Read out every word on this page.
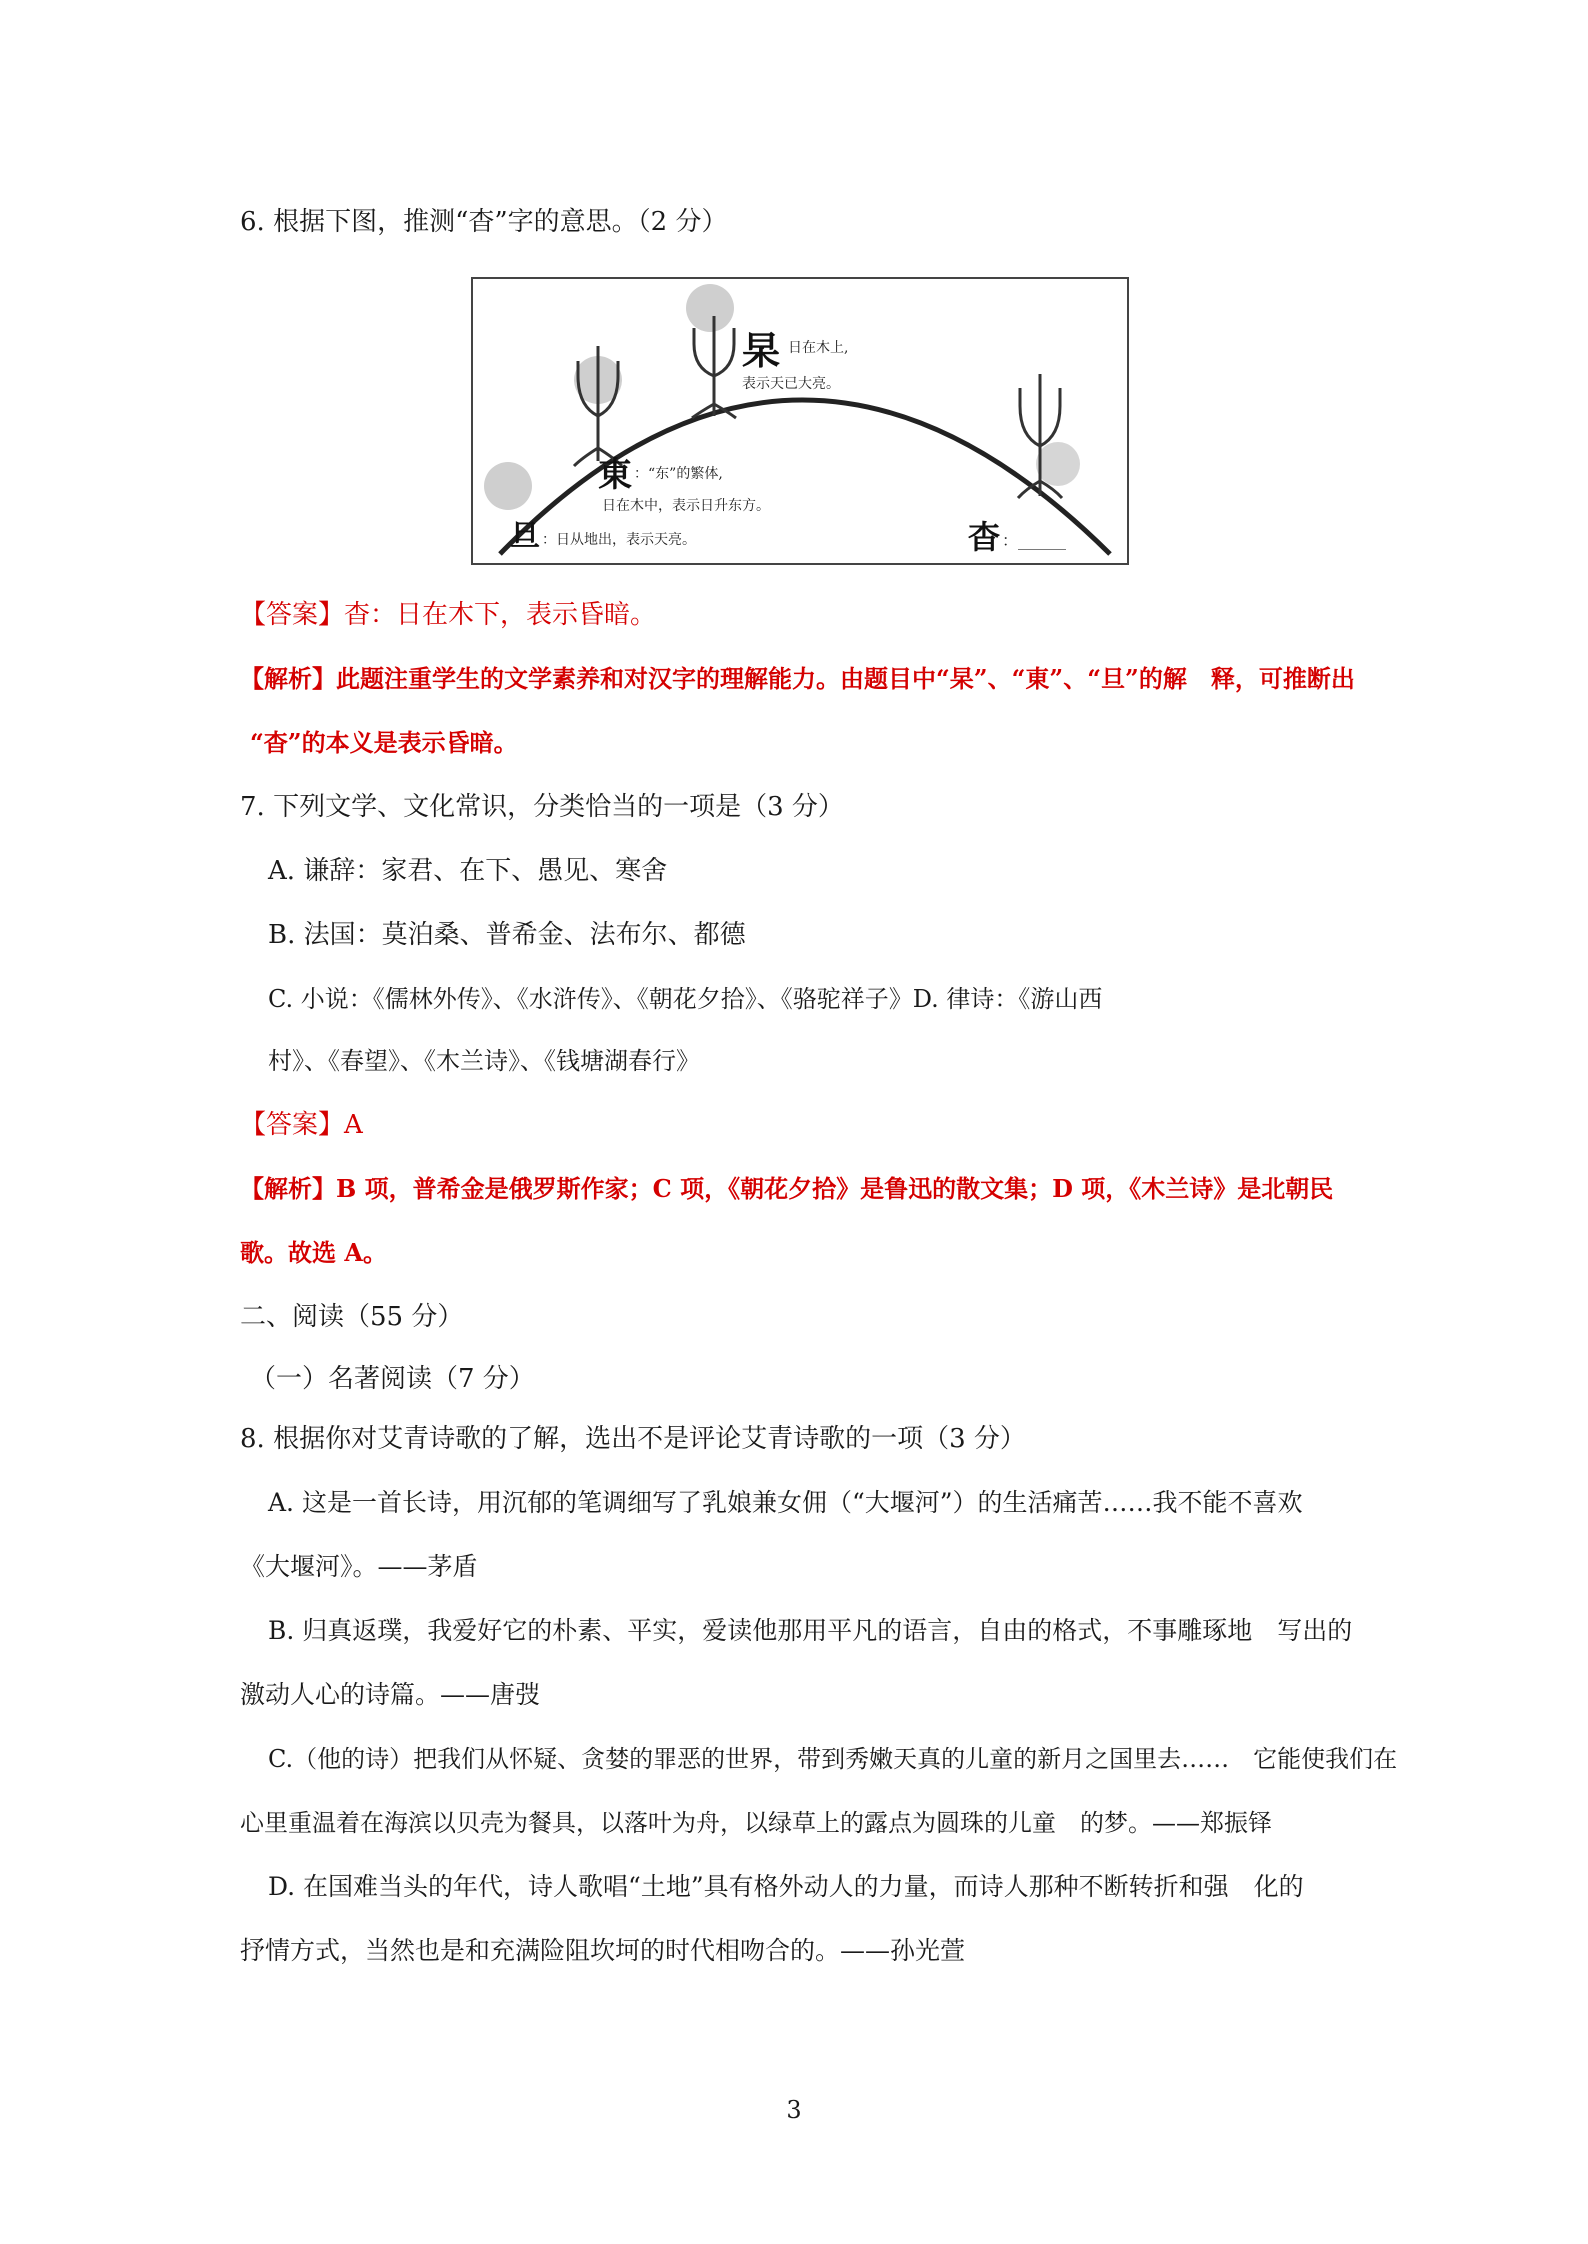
6. 根据下图，推测“杳”字的意思。（2 分）
杲 日在木上,
表示天已大亮。
東 ：“东”的繁体,
日在木中，表示日升东方。
旦 ：日从地出，表示天亮。	杳 ：______
【答案】杳：日在木下，表示昏暗。
【解析】此题注重学生的文学素养和对汉字的理解能力。由题目中“杲”、“東”、“旦”的解　释，可推断出
“杳”的本义是表示昏暗。
7. 下列文学、文化常识，分类恰当的一项是（3 分）
A. 谦辞：家君、在下、愚见、寒舍
B. 法国：莫泊桑、普希金、法布尔、都德
C. 小说：《儒林外传》、《水浒传》、《朝花夕拾》、《骆驼祥子》D. 律诗：《游山西
村》、《春望》、《木兰诗》、《钱塘湖春行》
【答案】A
【解析】B 项，普希金是俄罗斯作家；C 项，《朝花夕拾》是鲁迅的散文集；D 项，《木兰诗》是北朝民
歌。故选 A。
二、阅读（55 分）
（一）名著阅读（7 分）
8. 根据你对艾青诗歌的了解，选出不是评论艾青诗歌的一项（3 分）
A. 这是一首长诗，用沉郁的笔调细写了乳娘兼女佣（“大堰河”）的生活痛苦……我不能不喜欢
《大堰河》。——茅盾
B. 归真返璞，我爱好它的朴素、平实，爱读他那用平凡的语言，自由的格式，不事雕琢地　写出的
激动人心的诗篇。——唐弢
C.（他的诗）把我们从怀疑、贪婪的罪恶的世界，带到秀嫩天真的儿童的新月之国里去……　它能使我们在
心里重温着在海滨以贝壳为餐具，以落叶为舟，以绿草上的露点为圆珠的儿童　的梦。——郑振铎
D. 在国难当头的年代，诗人歌唱“土地”具有格外动人的力量，而诗人那种不断转折和强　化的
抒情方式，当然也是和充满险阻坎坷的时代相吻合的。——孙光萱
3
